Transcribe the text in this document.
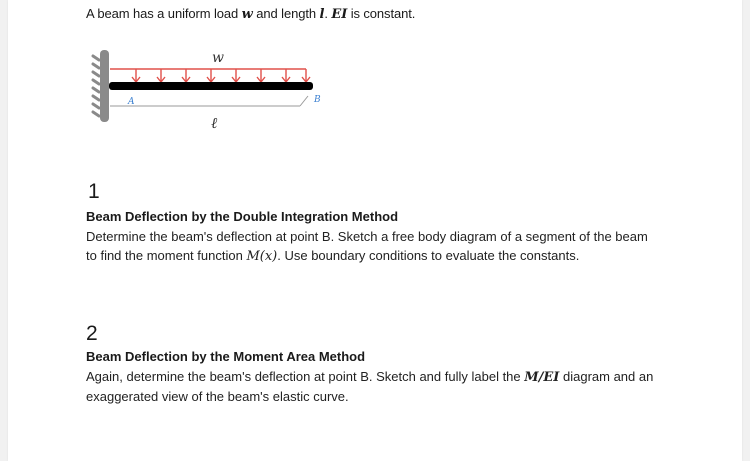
A beam has a uniform load w and length l. EI is constant.
w
A	B
ℓ
1
Beam Deflection by the Double Integration Method
Determine the beam's deflection at point B. Sketch a free body diagram of a segment of the beam
to find the moment function M(x). Use boundary conditions to evaluate the constants.
2
Beam Deflection by the Moment Area Method
Again, determine the beam's deflection at point B. Sketch and fully label the M/EI diagram and an
exaggerated view of the beam's elastic curve.
